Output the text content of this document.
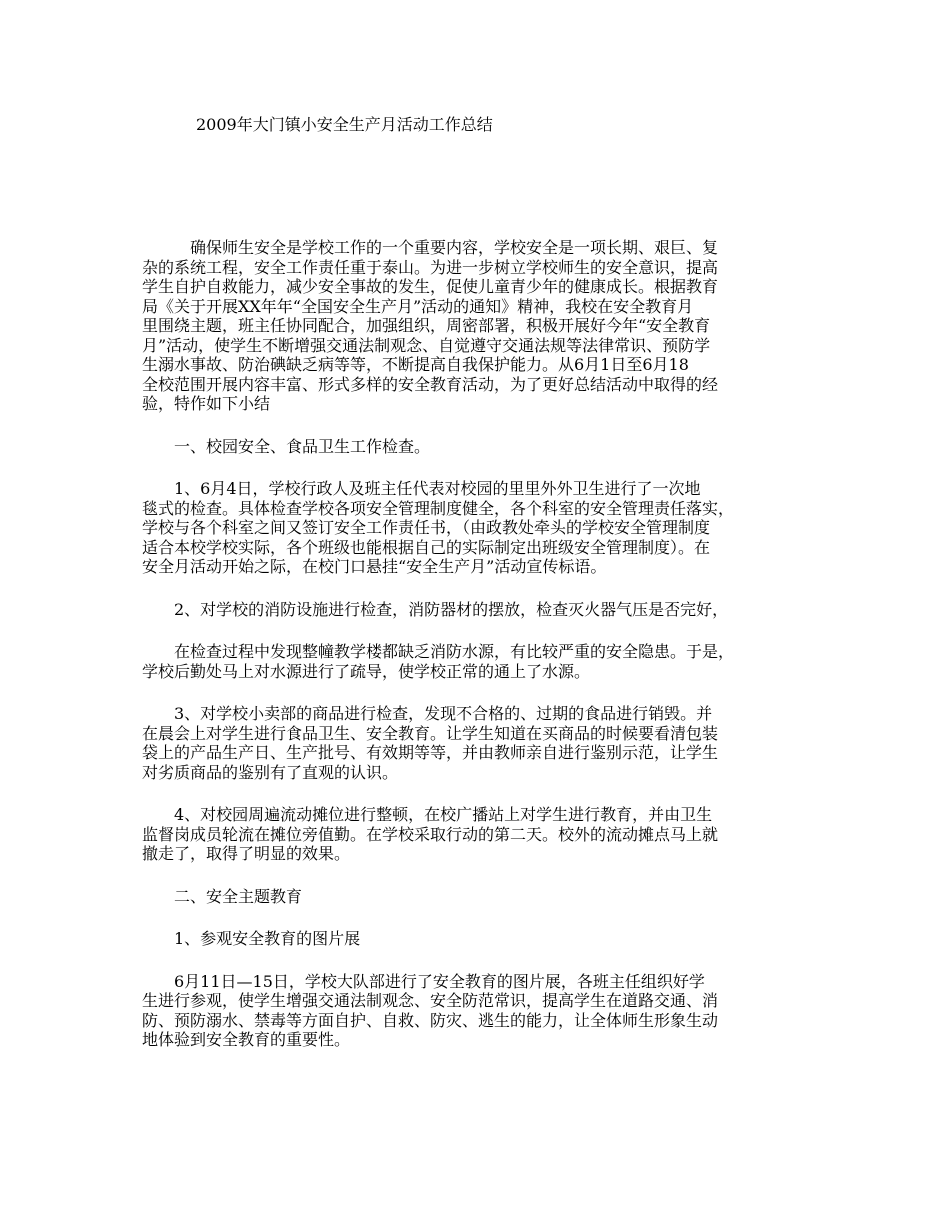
2009年大门镇小安全生产月活动工作总结
　　　确保师生安全是学校工作的一个重要内容，学校安全是一项长期、艰巨、复
杂的系统工程，安全工作责任重于泰山。为进一步树立学校师生的安全意识，提高
学生自护自救能力，减少安全事故的发生，促使儿童青少年的健康成长。根据教育
局《关于开展XX年年“全国安全生产月”活动的通知》精神，我校在安全教育月
里围绕主题，班主任协同配合，加强组织，周密部署，积极开展好今年“安全教育
月”活动，使学生不断增强交通法制观念、自觉遵守交通法规等法律常识、预防学
生溺水事故、防治碘缺乏病等等，不断提高自我保护能力。从6月1日至6月18
全校范围开展内容丰富、形式多样的安全教育活动，为了更好总结活动中取得的经
验，特作如下小结
　　一、校园安全、食品卫生工作检查。
　　1、6月4日，学校行政人及班主任代表对校园的里里外外卫生进行了一次地
毯式的检查。具体检查学校各项安全管理制度健全，各个科室的安全管理责任落实，
学校与各个科室之间又签订安全工作责任书，（由政教处牵头的学校安全管理制度
适合本校学校实际，各个班级也能根据自己的实际制定出班级安全管理制度）。在
安全月活动开始之际，在校门口悬挂“安全生产月”活动宣传标语。
　　2、对学校的消防设施进行检查，消防器材的摆放，检查灭火器气压是否完好，
　　在检查过程中发现整幢教学楼都缺乏消防水源，有比较严重的安全隐患。于是，
学校后勤处马上对水源进行了疏导，使学校正常的通上了水源。
　　3、对学校小卖部的商品进行检查，发现不合格的、过期的食品进行销毁。并
在晨会上对学生进行食品卫生、安全教育。让学生知道在买商品的时候要看清包装
袋上的产品生产日、生产批号、有效期等等，并由教师亲自进行鉴别示范，让学生
对劣质商品的鉴别有了直观的认识。
　　4、对校园周遍流动摊位进行整顿，在校广播站上对学生进行教育，并由卫生
监督岗成员轮流在摊位旁值勤。在学校采取行动的第二天。校外的流动摊点马上就
撤走了，取得了明显的效果。
　　二、安全主题教育
　　1、参观安全教育的图片展
　　6月11日—15日，学校大队部进行了安全教育的图片展，各班主任组织好学
生进行参观，使学生增强交通法制观念、安全防范常识，提高学生在道路交通、消
防、预防溺水、禁毒等方面自护、自救、防灾、逃生的能力，让全体师生形象生动
地体验到安全教育的重要性。
